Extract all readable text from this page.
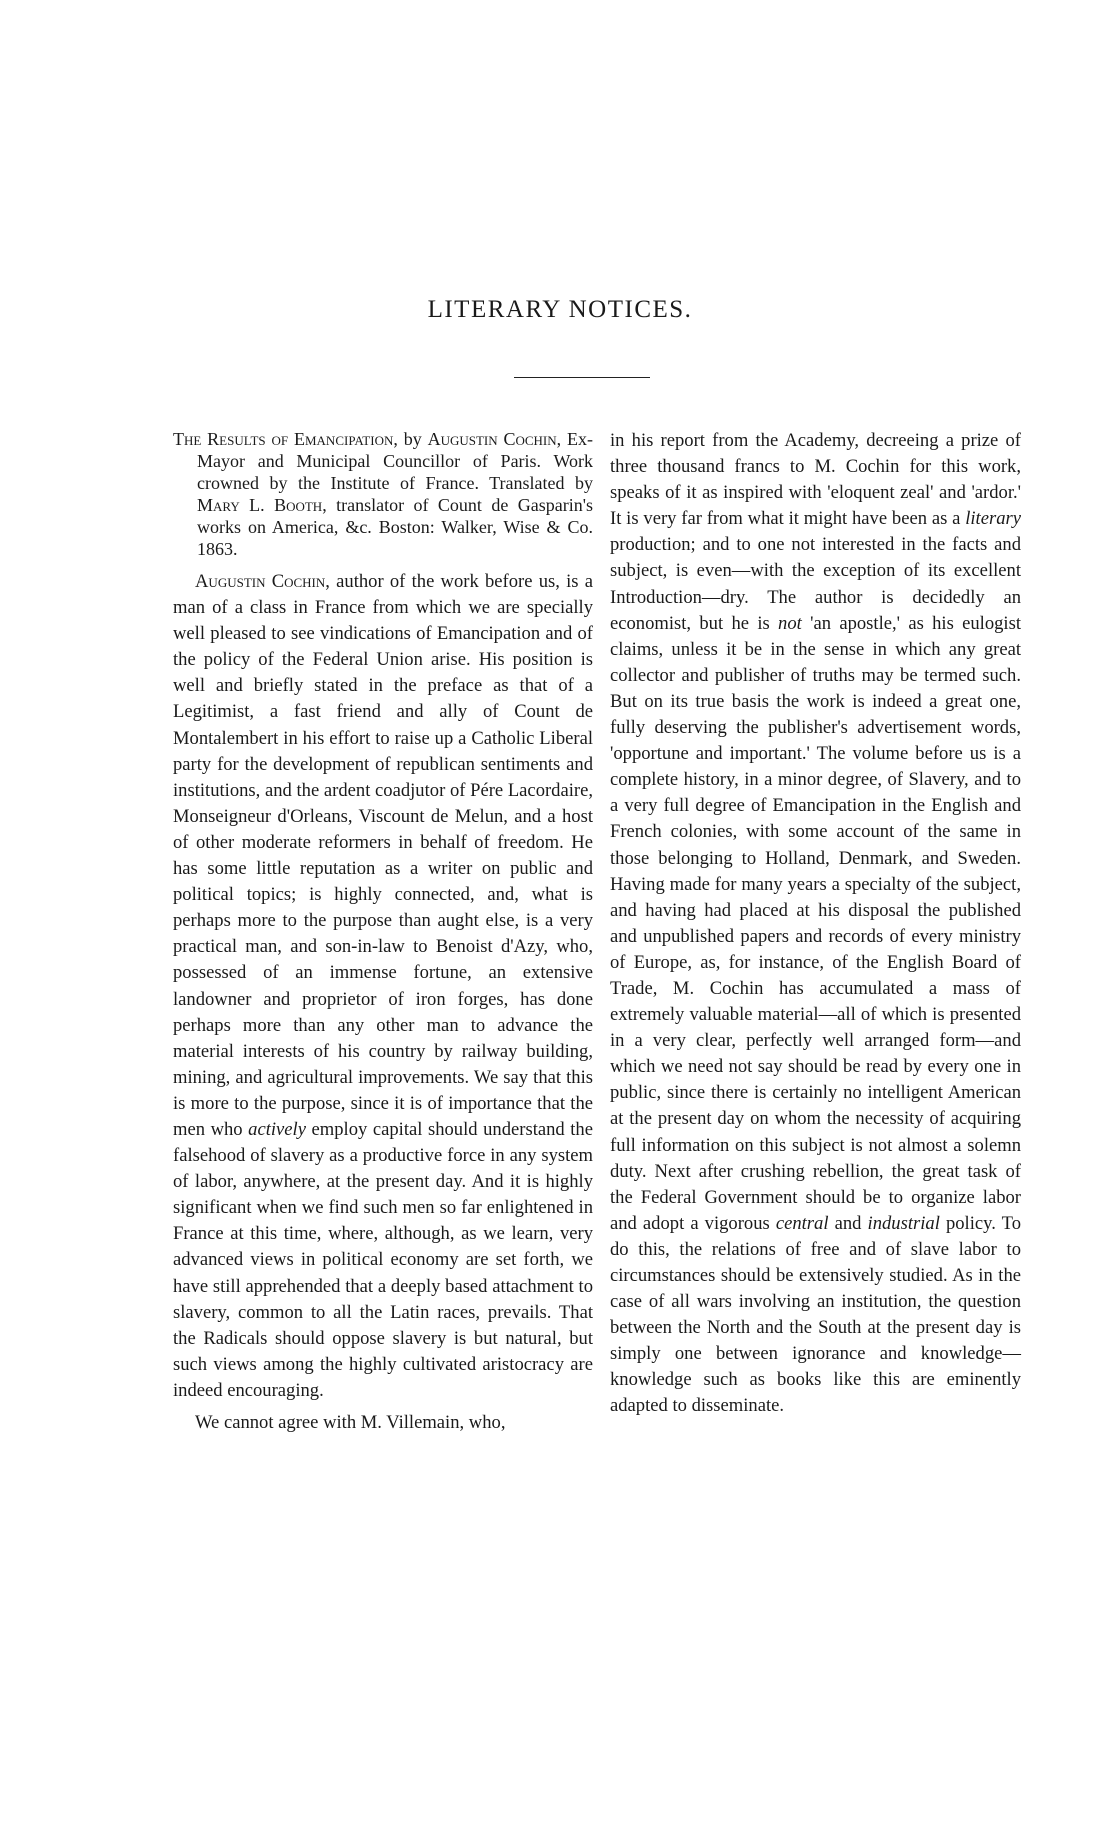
LITERARY NOTICES.

The Results of Emancipation, by Augustin Cochin, Ex-Mayor and Municipal Councillor of Paris. Work crowned by the Institute of France. Translated by Mary L. Booth, translator of Count de Gasparin's works on America, &c. Boston: Walker, Wise & Co. 1863.

Augustin Cochin, author of the work before us, is a man of a class in France from which we are specially well pleased to see vindications of Emancipation and of the policy of the Federal Union arise. His position is well and briefly stated in the preface as that of a Legitimist, a fast friend and ally of Count de Montalembert in his effort to raise up a Catholic Liberal party for the development of republican sentiments and institutions, and the ardent coadjutor of Pére Lacordaire, Monseigneur d'Orleans, Viscount de Melun, and a host of other moderate reformers in behalf of freedom. He has some little reputation as a writer on public and political topics; is highly connected, and, what is perhaps more to the purpose than aught else, is a very practical man, and son-in-law to Benoist d'Azy, who, possessed of an immense fortune, an extensive landowner and proprietor of iron forges, has done perhaps more than any other man to advance the material interests of his country by railway building, mining, and agricultural improvements. We say that this is more to the purpose, since it is of importance that the men who actively employ capital should understand the falsehood of slavery as a productive force in any system of labor, anywhere, at the present day. And it is highly significant when we find such men so far enlightened in France at this time, where, although, as we learn, very advanced views in political economy are set forth, we have still apprehended that a deeply based attachment to slavery, common to all the Latin races, prevails. That the Radicals should oppose slavery is but natural, but such views among the highly cultivated aristocracy are indeed encouraging.

We cannot agree with M. Villemain, who,

in his report from the Academy, decreeing a prize of three thousand francs to M. Cochin for this work, speaks of it as inspired with 'eloquent zeal' and 'ardor.' It is very far from what it might have been as a literary production; and to one not interested in the facts and subject, is even—with the exception of its excellent Introduction—dry. The author is decidedly an economist, but he is not 'an apostle,' as his eulogist claims, unless it be in the sense in which any great collector and publisher of truths may be termed such. But on its true basis the work is indeed a great one, fully deserving the publisher's advertisement words, 'opportune and important.' The volume before us is a complete history, in a minor degree, of Slavery, and to a very full degree of Emancipation in the English and French colonies, with some account of the same in those belonging to Holland, Denmark, and Sweden. Having made for many years a specialty of the subject, and having had placed at his disposal the published and unpublished papers and records of every ministry of Europe, as, for instance, of the English Board of Trade, M. Cochin has accumulated a mass of extremely valuable material—all of which is presented in a very clear, perfectly well arranged form—and which we need not say should be read by every one in public, since there is certainly no intelligent American at the present day on whom the necessity of acquiring full information on this subject is not almost a solemn duty. Next after crushing rebellion, the great task of the Federal Government should be to organize labor and adopt a vigorous central and industrial policy. To do this, the relations of free and of slave labor to circumstances should be extensively studied. As in the case of all wars involving an institution, the question between the North and the South at the present day is simply one between ignorance and knowledge—knowledge such as books like this are eminently adapted to disseminate.
